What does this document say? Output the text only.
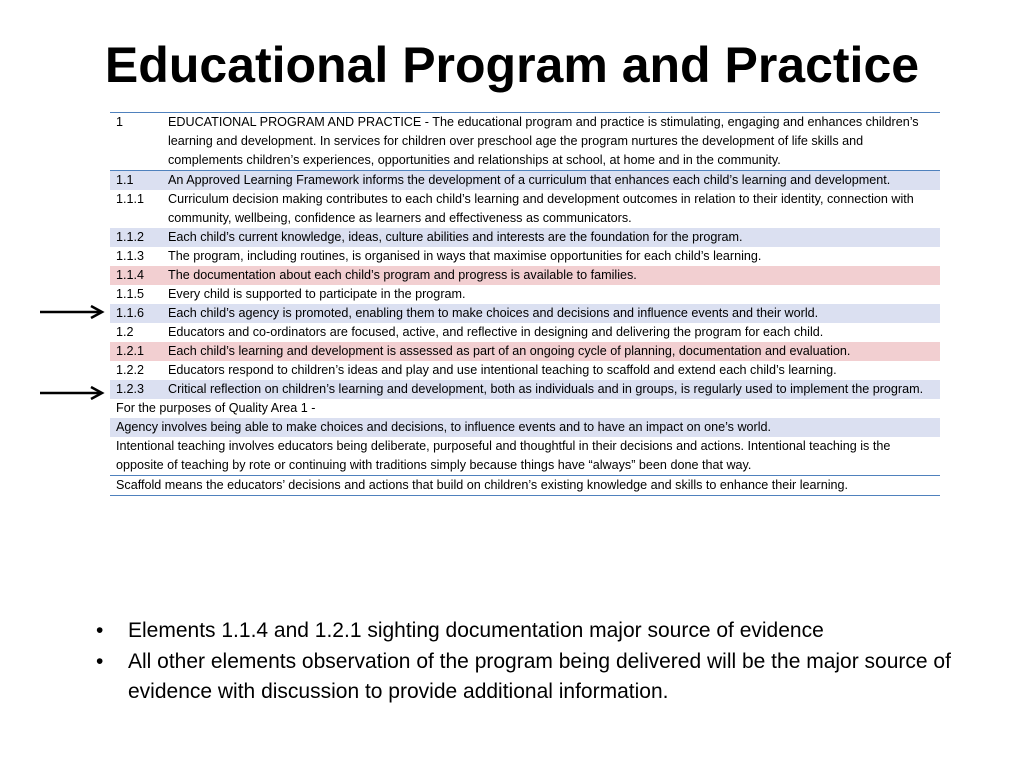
Educational Program and Practice
1	EDUCATIONAL PROGRAM AND PRACTICE - The educational program and practice is stimulating, engaging and enhances children’s learning and development. In services for children over preschool age the program nurtures the development of life skills and complements children’s experiences, opportunities and relationships at school, at home and in the community.
1.1	An Approved Learning Framework informs the development of a curriculum that enhances each child’s learning and development.
1.1.1	Curriculum decision making contributes to each child’s learning and development outcomes in relation to their identity, connection with community, wellbeing, confidence as learners and effectiveness as communicators.
1.1.2	Each child’s current knowledge, ideas, culture abilities and interests are the foundation for the program.
1.1.3	The program, including routines, is organised in ways that maximise opportunities for each child’s learning.
1.1.4	The documentation about each child’s program and progress is available to families.
1.1.5	Every child is supported to participate in the program.
1.1.6	Each child’s agency is promoted, enabling them to make choices and decisions and influence events and their world.
1.2	Educators and co-ordinators are focused, active, and reflective in designing and delivering the program for each child.
1.2.1	Each child’s learning and development is assessed as part of an ongoing cycle of planning, documentation and evaluation.
1.2.2	Educators respond to children’s ideas and play and use intentional teaching to scaffold and extend each child’s learning.
1.2.3	Critical reflection on children’s learning and development, both as individuals and in groups, is regularly used to implement the program.
For the purposes of Quality Area 1 -	
Agency involves being able to make choices and decisions, to influence events and to have an impact on one’s world.	
Intentional teaching involves educators being deliberate, purposeful and thoughtful in their decisions and actions. Intentional teaching is the opposite of teaching by rote or continuing with traditions simply because things have “always” been done that way.	
Scaffold means the educators’ decisions and actions that build on children’s existing knowledge and skills to enhance their learning.	
• Elements 1.1.4 and 1.2.1 sighting documentation major source of evidence
• All other elements observation of the program being delivered will be the major source of evidence with discussion to provide additional information.
